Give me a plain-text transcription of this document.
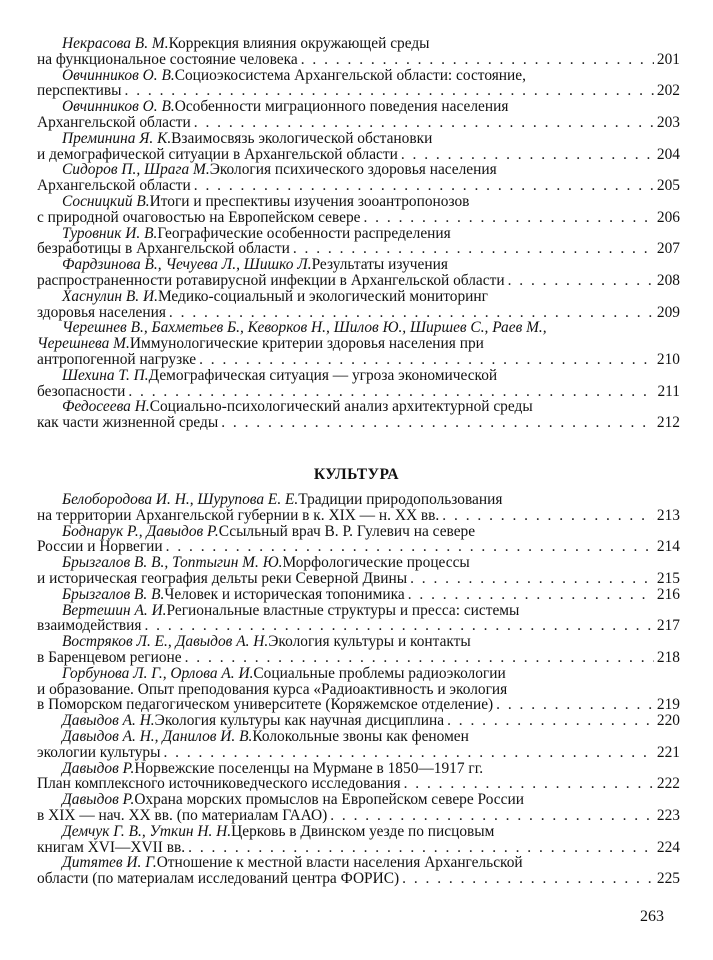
Некрасова В. М. Коррекция влияния окружающей среды
на функциональное состояние человека . . .	201
Овчинников О. В. Социоэкосистема Архангельской области: состояние,
перспективы . . .	202
Овчинников О. В. Особенности миграционного поведения населения
Архангельской области . . .	203
Преминина Я. К. Взаимосвязь экологической обстановки
и демографической ситуации в Архангельской области . . .	204
Сидоров П., Шрага М. Экология психического здоровья населения
Архангельской области . . .	205
Сосницкий В. Итоги и преспективы изучения зооантропонозов
с природной очаговостью на Европейском севере . . .	206
Туровник И. В. Географические особенности распределения
безработицы в Архангельской области . . .	207
Фардзинова В., Чечуева Л., Шишко Л. Результаты изучения
распространенности ротавирусной инфекции в Архангельской области . . .	208
Хаснулин В. И. Медико-социальный и экологический мониторинг
здоровья населения . . .	209
Черешнев В., Бахметьев Б., Кеворков Н., Шилов Ю., Ширшев С., Раев М.,
Черешнева М. Иммунологические критерии здоровья населения при
антропогенной нагрузке . . .	210
Шехина Т. П. Демографическая ситуация — угроза экономической
безопасности . . .	211
Федосеева Н. Социально-психологический анализ архитектурной среды
как части жизненной среды . . .	212
КУЛЬТУРА
Белобородова И. Н., Шурупова Е. Е. Традиции природопользования
на территории Архангельской губернии в к. XIX — н. XX вв. . . .	213
Боднарук Р., Давыдов Р. Ссыльный врач В. Р. Гулевич на севере
России и Норвегии . . .	214
Брызгалов В. В., Топтыгин М. Ю. Морфологические процессы
и историческая география дельты реки Северной Двины . . .	215
Брызгалов В. В. Человек и историческая топонимика . . .	216
Вертешин А. И. Региональные властные структуры и пресса: системы
взаимодействия . . .	217
Востряков Л. Е., Давыдов А. Н. Экология культуры и контакты
в Баренцевом регионе . . .	218
Горбунова Л. Г., Орлова А. И. Социальные проблемы радиоэкологии
и образование. Опыт преподования курса «Радиоактивность и экология
в Поморском педагогическом университете (Коряжемское отделение) . . .	219
Давыдов А. Н. Экология культуры как научная дисциплина . . .	220
Давыдов А. Н., Данилов И. В. Колокольные звоны как феномен
экологии культуры . . .	221
Давыдов Р. Норвежские поселенцы на Мурмане в 1850—1917 гг.
План комплексного источниковедческого исследования . . .	222
Давыдов Р. Охрана морских промыслов на Европейском севере России
в XIX — нач. XX вв. (по материалам ГААО) . . .	223
Демчук Г. В., Уткин Н. Н. Церковь в Двинском уезде по писцовым
книгам XVI—XVII вв. . . .	224
Дитятев И. Г. Отношение к местной власти населения Архангельской
области (по материалам исследований центра ФОРИС) . . .	225
263
